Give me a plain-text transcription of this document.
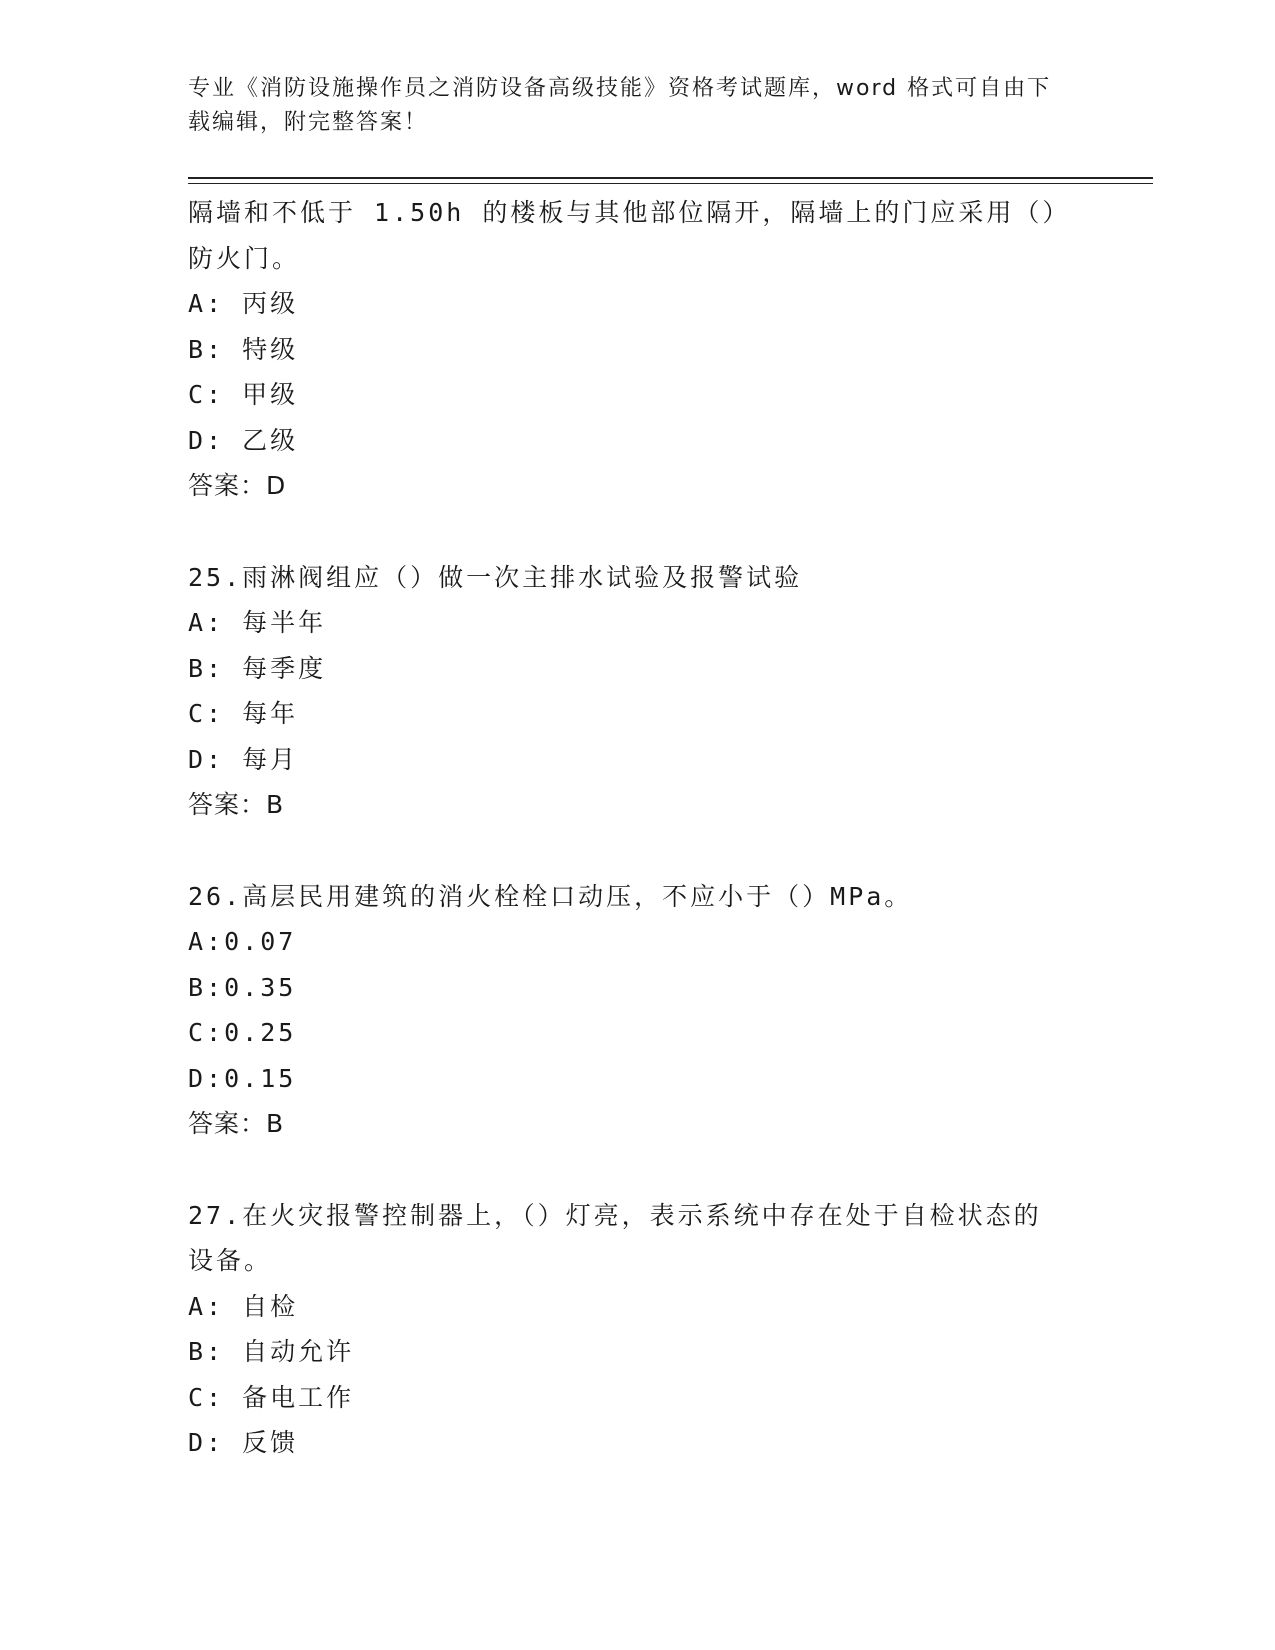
专业《消防设施操作员之消防设备高级技能》资格考试题库，word 格式可自由下
载编辑，附完整答案！

隔墙和不低于 1.50h 的楼板与其他部位隔开，隔墙上的门应采用（）

防火门。

A: 丙级

B: 特级

C: 甲级

D: 乙级

答案：D

25.雨淋阀组应（）做一次主排水试验及报警试验

A: 每半年

B: 每季度

C: 每年

D: 每月

答案：B

26.高层民用建筑的消火栓栓口动压，不应小于（）MPa。

A:0.07

B:0.35

C:0.25

D:0.15

答案：B

27.在火灾报警控制器上，（）灯亮，表示系统中存在处于自检状态的

设备。

A: 自检

B: 自动允许

C: 备电工作

D: 反馈
